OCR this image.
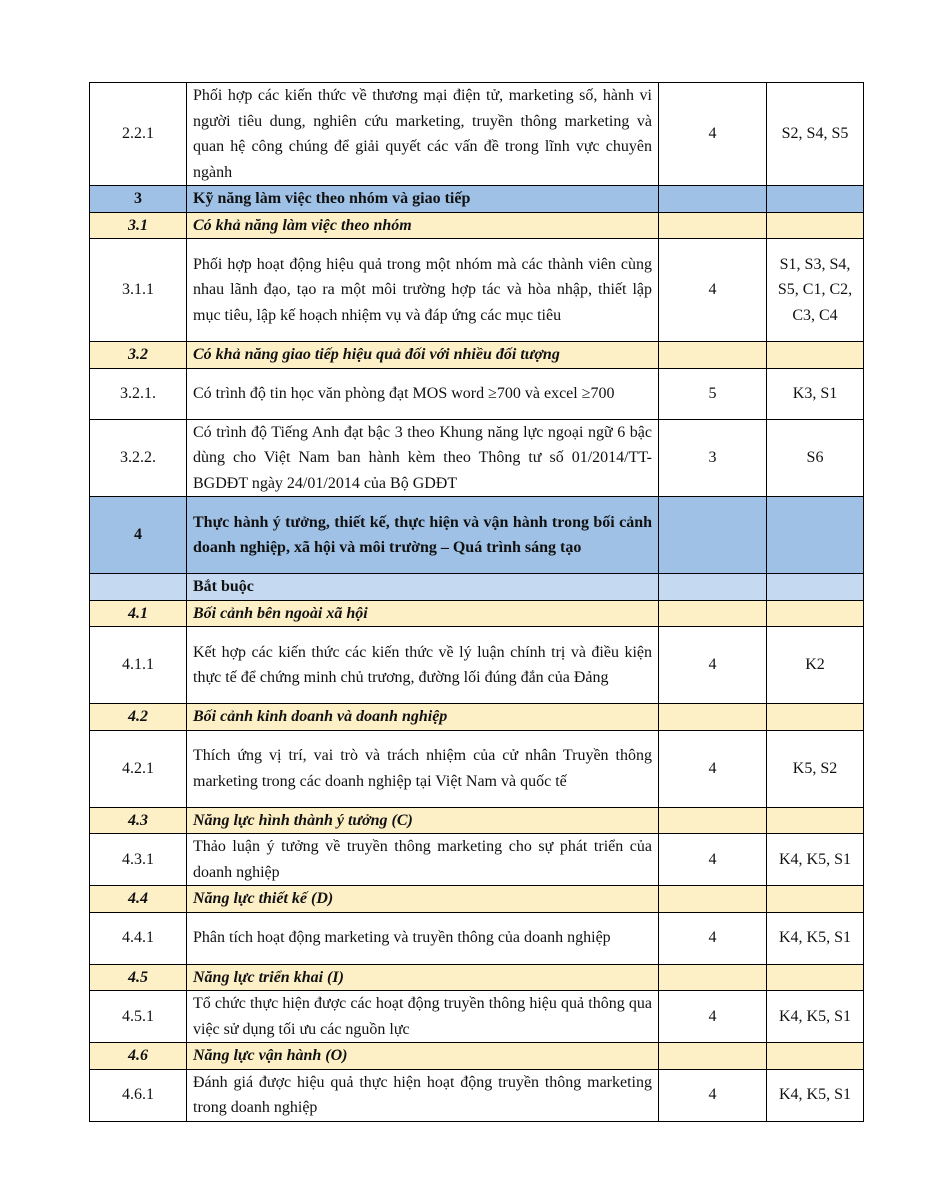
2.2.1	Phối hợp các kiến thức về thương mại điện tử, marketing số, hành vi người tiêu dung, nghiên cứu marketing, truyền thông marketing và quan hệ công chúng để giải quyết các vấn đề trong lĩnh vực chuyên ngành	4	S2, S4, S5
3	Kỹ năng làm việc theo nhóm và giao tiếp		
3.1	Có khả năng làm việc theo nhóm		
3.1.1	Phối hợp hoạt động hiệu quả trong một nhóm mà các thành viên cùng nhau lãnh đạo, tạo ra một môi trường hợp tác và hòa nhập, thiết lập mục tiêu, lập kế hoạch nhiệm vụ và đáp ứng các mục tiêu	4	S1, S3, S4, S5, C1, C2, C3, C4
3.2	Có khả năng giao tiếp hiệu quả đối với nhiều đối tượng		
3.2.1.	Có trình độ tin học văn phòng đạt MOS word ≥700 và excel ≥700	5	K3, S1
3.2.2.	Có trình độ Tiếng Anh đạt bậc 3 theo Khung năng lực ngoại ngữ 6 bậc dùng cho Việt Nam ban hành kèm theo Thông tư số 01/2014/TT-BGDĐT ngày 24/01/2014 của Bộ GDĐT	3	S6
4	Thực hành ý tưởng, thiết kế, thực hiện và vận hành trong bối cảnh doanh nghiệp, xã hội và môi trường – Quá trình sáng tạo		
	Bắt buộc		
4.1	Bối cảnh bên ngoài xã hội		
4.1.1	Kết hợp các kiến thức các kiến thức về lý luận chính trị và điều kiện thực tế để chứng minh chủ trương, đường lối đúng đắn của Đảng	4	K2
4.2	Bối cảnh kinh doanh và doanh nghiệp		
4.2.1	Thích ứng vị trí, vai trò và trách nhiệm của cử nhân Truyền thông marketing trong các doanh nghiệp tại Việt Nam và quốc tế	4	K5, S2
4.3	Năng lực hình thành ý tưởng (C)		
4.3.1	Thảo luận ý tưởng về truyền thông marketing cho sự phát triển của doanh nghiệp	4	K4, K5, S1
4.4	Năng lực thiết kế (D)		
4.4.1	Phân tích hoạt động marketing và truyền thông của doanh nghiệp	4	K4, K5, S1
4.5	Năng lực triển khai (I)		
4.5.1	Tổ chức thực hiện được các hoạt động truyền thông hiệu quả thông qua việc sử dụng tối ưu các nguồn lực	4	K4, K5, S1
4.6	Năng lực vận hành (O)		
4.6.1	Đánh giá được hiệu quả thực hiện hoạt động truyền thông marketing trong doanh nghiệp	4	K4, K5, S1
